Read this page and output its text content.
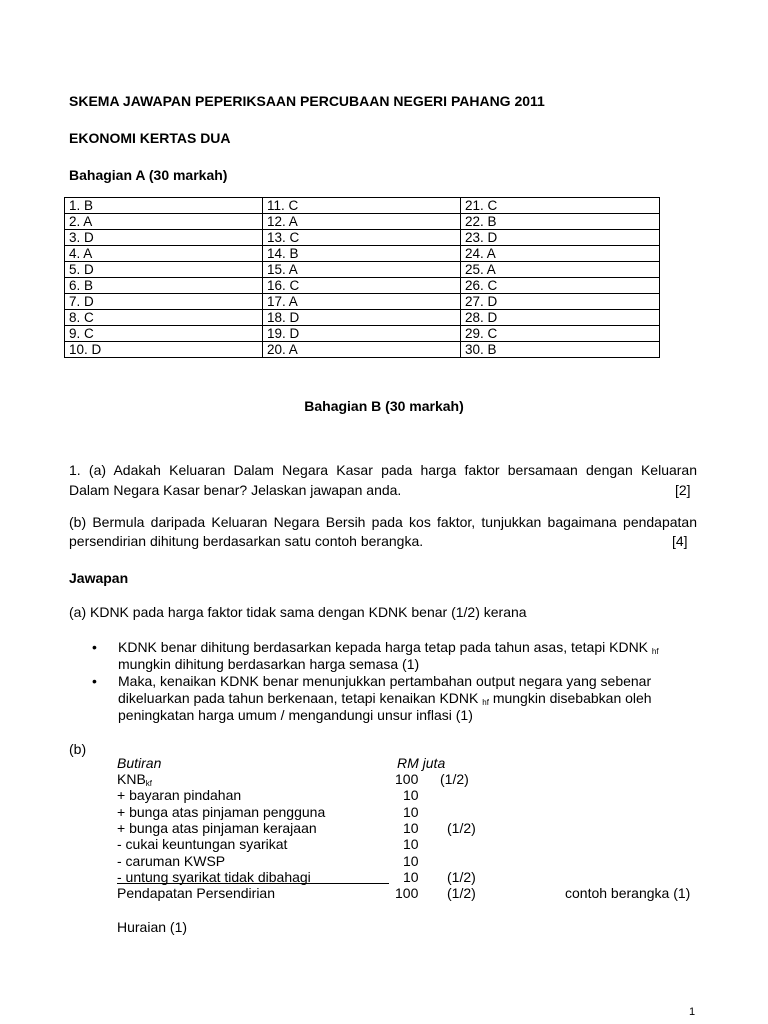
SKEMA JAWAPAN PEPERIKSAAN PERCUBAAN NEGERI PAHANG 2011
EKONOMI KERTAS DUA
Bahagian A (30 markah)
1. B	11. C	21. C
2. A	12. A	22. B
3. D	13. C	23. D
4. A	14. B	24. A
5. D	15. A	25. A
6. B	16. C	26. C
7. D	17. A	27. D
8. C	18. D	28. D
9. C	19. D	29. C
10. D	20. A	30. B
Bahagian B (30 markah)
1. (a) Adakah Keluaran Dalam Negara Kasar pada harga faktor bersamaan dengan Keluaran
Dalam Negara Kasar benar? Jelaskan jawapan anda.	[2]
(b) Bermula daripada Keluaran Negara Bersih pada kos faktor, tunjukkan bagaimana pendapatan
persendirian dihitung berdasarkan satu contoh berangka.	[4]
Jawapan
(a) KDNK pada harga faktor tidak sama dengan KDNK benar (1/2) kerana
• KDNK benar dihitung berdasarkan kepada harga tetap pada tahun asas, tetapi KDNK $_{hf}$
mungkin dihitung berdasarkan harga semasa (1)
• Maka, kenaikan KDNK benar menunjukkan pertambahan output negara yang sebenar
dikeluarkan pada tahun berkenaan, tetapi kenaikan KDNK $_{hf}$ mungkin disebabkan oleh
peningkatan harga umum / mengandungi unsur inflasi (1)
(b)
Butiran	RM juta
$KNB_{kf}$	100 (1/2)
+ bayaran pindahan	10
+ bunga atas pinjaman pengguna	10
+ bunga atas pinjaman kerajaan	10 (1/2)
- cukai keuntungan syarikat	10
- caruman KWSP	10
- untung syarikat tidak dibahagi	10 (1/2)
Pendapatan Persendirian	100 (1/2)	contoh berangka (1)
Huraian (1)
1
